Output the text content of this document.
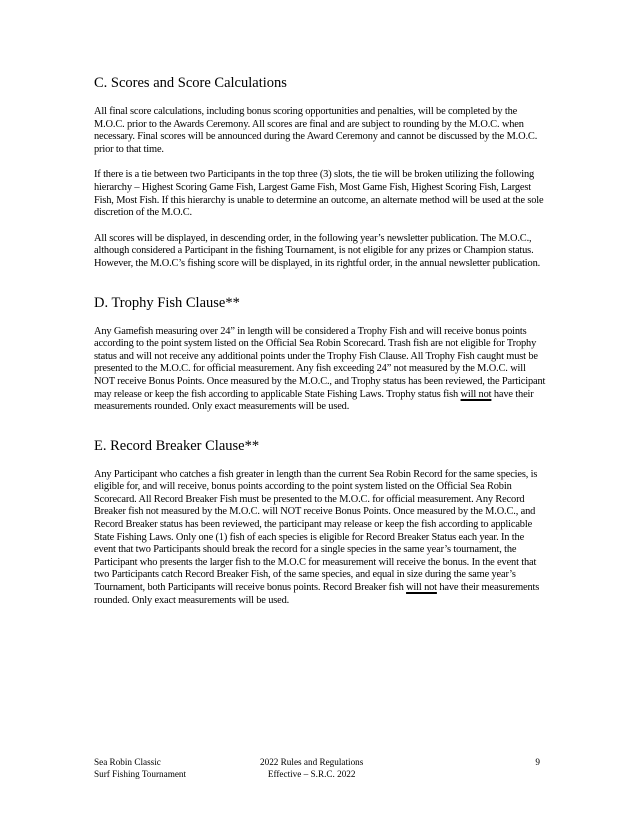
C. Scores and Score Calculations

All final score calculations, including bonus scoring opportunities and penalties, will be completed by the M.O.C. prior to the Awards Ceremony. All scores are final and are subject to rounding by the M.O.C. when necessary. Final scores will be announced during the Award Ceremony and cannot be discussed by the M.O.C. prior to that time.

If there is a tie between two Participants in the top three (3) slots, the tie will be broken utilizing the following hierarchy – Highest Scoring Game Fish, Largest Game Fish, Most Game Fish, Highest Scoring Fish, Largest Fish, Most Fish. If this hierarchy is unable to determine an outcome, an alternate method will be used at the sole discretion of the M.O.C.

All scores will be displayed, in descending order, in the following year’s newsletter publication. The M.O.C., although considered a Participant in the fishing Tournament, is not eligible for any prizes or Champion status. However, the M.O.C’s fishing score will be displayed, in its rightful order, in the annual newsletter publication.

D. Trophy Fish Clause**

Any Gamefish measuring over 24” in length will be considered a Trophy Fish and will receive bonus points according to the point system listed on the Official Sea Robin Scorecard. Trash fish are not eligible for Trophy status and will not receive any additional points under the Trophy Fish Clause. All Trophy Fish caught must be presented to the M.O.C. for official measurement. Any fish exceeding 24” not measured by the M.O.C. will NOT receive Bonus Points. Once measured by the M.O.C., and Trophy status has been reviewed, the Participant may release or keep the fish according to applicable State Fishing Laws. Trophy status fish will not have their measurements rounded. Only exact measurements will be used.

E. Record Breaker Clause**

Any Participant who catches a fish greater in length than the current Sea Robin Record for the same species, is eligible for, and will receive, bonus points according to the point system listed on the Official Sea Robin Scorecard. All Record Breaker Fish must be presented to the M.O.C. for official measurement. Any Record Breaker fish not measured by the M.O.C. will NOT receive Bonus Points. Once measured by the M.O.C., and Record Breaker status has been reviewed, the participant may release or keep the fish according to applicable State Fishing Laws. Only one (1) fish of each species is eligible for Record Breaker Status each year. In the event that two Participants should break the record for a single species in the same year’s tournament, the Participant who presents the larger fish to the M.O.C for measurement will receive the bonus. In the event that two Participants catch Record Breaker Fish, of the same species, and equal in size during the same year’s Tournament, both Participants will receive bonus points. Record Breaker fish will not have their measurements rounded. Only exact measurements will be used.

Sea Robin Classic
Surf Fishing Tournament
2022 Rules and Regulations
Effective – S.R.C. 2022
9
